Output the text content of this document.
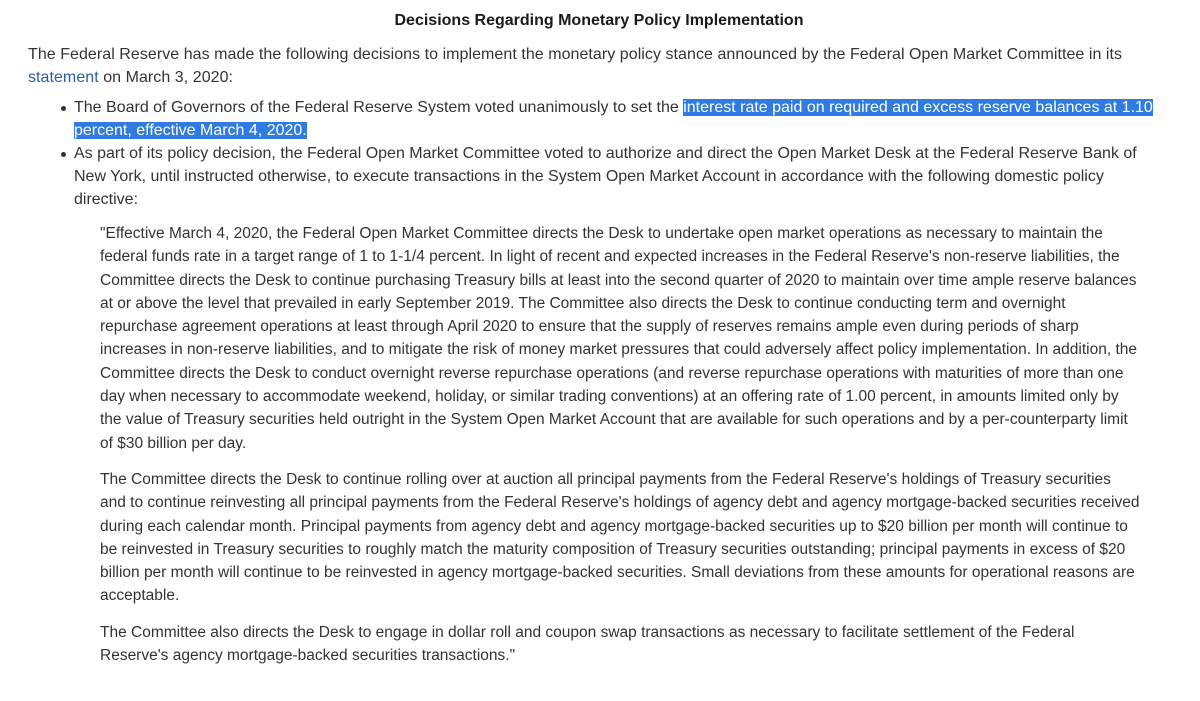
Decisions Regarding Monetary Policy Implementation

The Federal Reserve has made the following decisions to implement the monetary policy stance announced by the Federal Open Market Committee in its statement on March 3, 2020:

The Board of Governors of the Federal Reserve System voted unanimously to set the interest rate paid on required and excess reserve balances at 1.10 percent, effective March 4, 2020.
As part of its policy decision, the Federal Open Market Committee voted to authorize and direct the Open Market Desk at the Federal Reserve Bank of New York, until instructed otherwise, to execute transactions in the System Open Market Account in accordance with the following domestic policy directive:

"Effective March 4, 2020, the Federal Open Market Committee directs the Desk to undertake open market operations as necessary to maintain the federal funds rate in a target range of 1 to 1-1/4 percent. In light of recent and expected increases in the Federal Reserve's non-reserve liabilities, the Committee directs the Desk to continue purchasing Treasury bills at least into the second quarter of 2020 to maintain over time ample reserve balances at or above the level that prevailed in early September 2019. The Committee also directs the Desk to continue conducting term and overnight repurchase agreement operations at least through April 2020 to ensure that the supply of reserves remains ample even during periods of sharp increases in non-reserve liabilities, and to mitigate the risk of money market pressures that could adversely affect policy implementation. In addition, the Committee directs the Desk to conduct overnight reverse repurchase operations (and reverse repurchase operations with maturities of more than one day when necessary to accommodate weekend, holiday, or similar trading conventions) at an offering rate of 1.00 percent, in amounts limited only by the value of Treasury securities held outright in the System Open Market Account that are available for such operations and by a per-counterparty limit of $30 billion per day.

The Committee directs the Desk to continue rolling over at auction all principal payments from the Federal Reserve's holdings of Treasury securities and to continue reinvesting all principal payments from the Federal Reserve's holdings of agency debt and agency mortgage-backed securities received during each calendar month. Principal payments from agency debt and agency mortgage-backed securities up to $20 billion per month will continue to be reinvested in Treasury securities to roughly match the maturity composition of Treasury securities outstanding; principal payments in excess of $20 billion per month will continue to be reinvested in agency mortgage-backed securities. Small deviations from these amounts for operational reasons are acceptable.

The Committee also directs the Desk to engage in dollar roll and coupon swap transactions as necessary to facilitate settlement of the Federal Reserve's agency mortgage-backed securities transactions."
